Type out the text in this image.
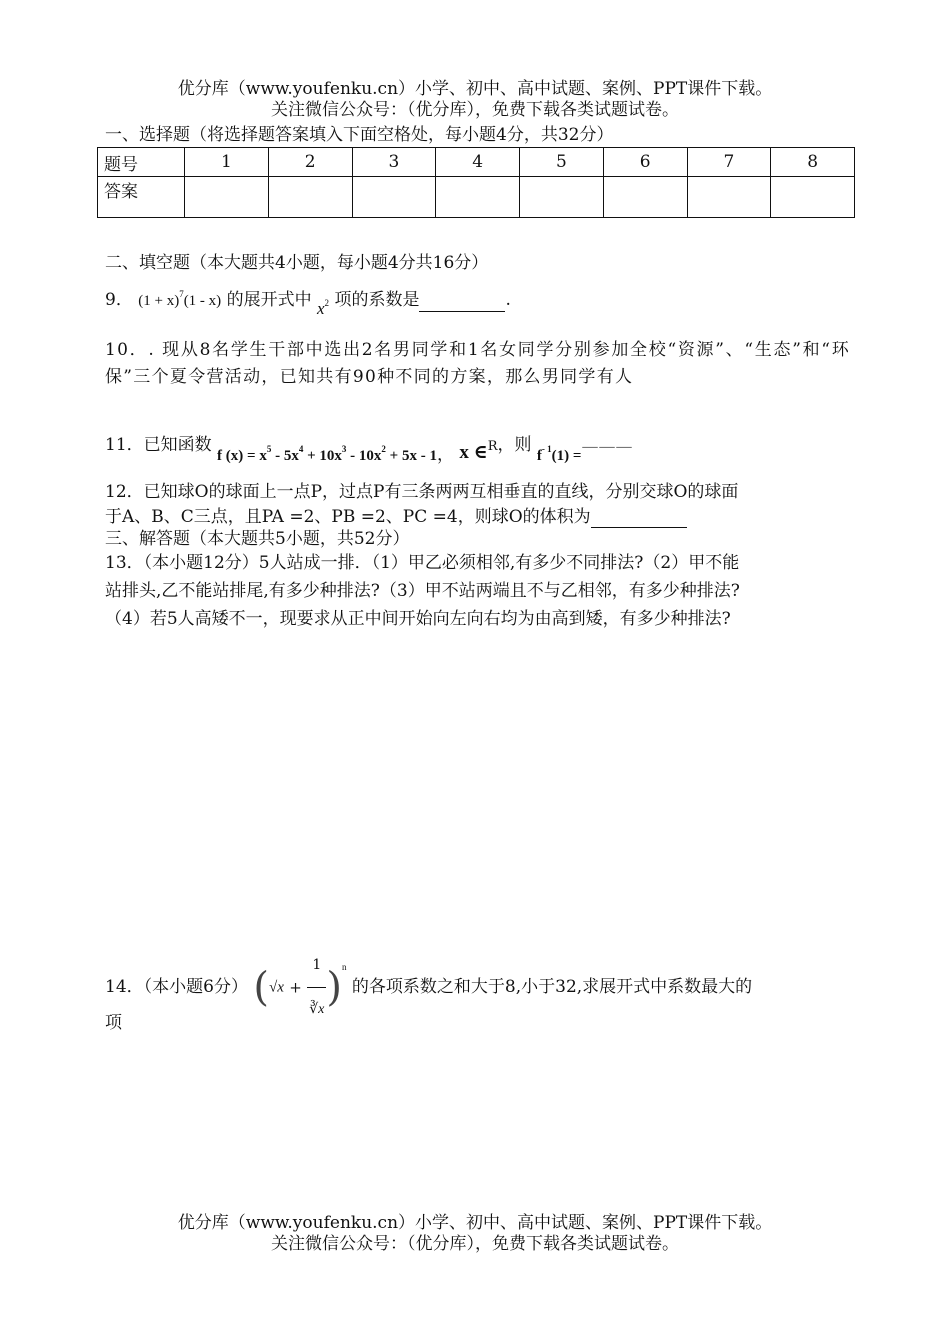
优分库（www.youfenku.cn）小学、初中、高中试题、案例、PPT课件下载。
关注微信公众号：（优分库），免费下载各类试题试卷。
一、选择题（将选择题答案填入下面空格处，每小题4分，共32分）
题号	1	2	3	4	5	6	7	8
答案								
二、填空题（本大题共4小题，每小题4分共16分）
9． $(1 + x)^7(1 - x)$ 的展开式中 $x^2$ 项的系数是	.
10．. 现从8名学生干部中选出2名男同学和1名女同学分别参加全校“资源”、“生态”和“环保”三个夏令营活动，已知共有90种不同的方案，那么男同学有人
11．已知函数 f $(x) = x^5 - 5x^4 + 10x^3 - 10x^2 + 5x - 1$， x ∈R，则 $f^{- 1}(1)$ =———
12．已知球O的球面上一点P，过点P有三条两两互相垂直的直线，分别交球O的球面
于A、B、C三点，且PA =2、PB =2、PC =4，则球O的体积为
三、解答题（本大题共5小题，共52分）
13．（本小题12分）5人站成一排．（1）甲乙必须相邻,有多少不同排法?（2）甲不能
站排头,乙不能站排尾,有多少种排法?（3）甲不站两端且不与乙相邻，有多少种排法?
（4）若5人高矮不一，现要求从正中间开始向左向右均为由高到矮，有多少种排法?
14．（本小题6分） $(√x + \frac{1}{∛x} )^n$ 的各项系数之和大于8,小于32,求展开式中系数最大的
项
优分库（www.youfenku.cn）小学、初中、高中试题、案例、PPT课件下载。
关注微信公众号：（优分库），免费下载各类试题试卷。
